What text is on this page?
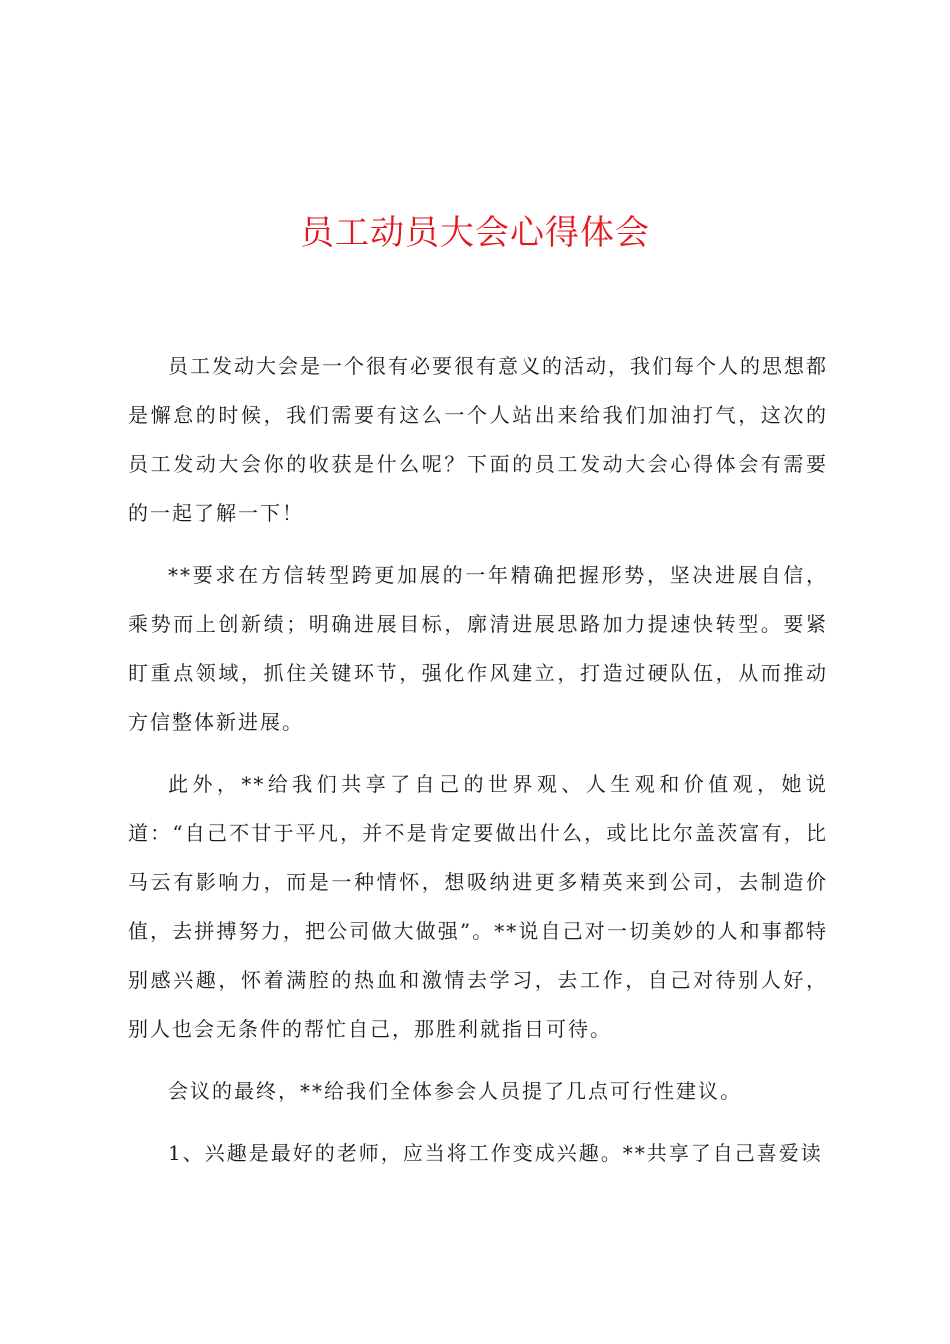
员工动员大会心得体会

员工发动大会是一个很有必要很有意义的活动，我们每个人的思想都是懈怠的时候，我们需要有这么一个人站出来给我们加油打气，这次的员工发动大会你的收获是什么呢？下面的员工发动大会心得体会有需要的一起了解一下！

**要求在方信转型跨更加展的一年精确把握形势，坚决进展自信，乘势而上创新绩；明确进展目标，廓清进展思路加力提速快转型。要紧盯重点领域，抓住关键环节，强化作风建立，打造过硬队伍，从而推动方信整体新进展。

此外，**给我们共享了自己的世界观、人生观和价值观，她说道：“自己不甘于平凡，并不是肯定要做出什么，或比比尔盖茨富有，比马云有影响力，而是一种情怀，想吸纳进更多精英来到公司，去制造价值，去拼搏努力，把公司做大做强”。**说自己对一切美妙的人和事都特别感兴趣，怀着满腔的热血和激情去学习，去工作，自己对待别人好，别人也会无条件的帮忙自己，那胜利就指日可待。

会议的最终，**给我们全体参会人员提了几点可行性建议。

1、兴趣是最好的老师，应当将工作变成兴趣。**共享了自己喜爱读
